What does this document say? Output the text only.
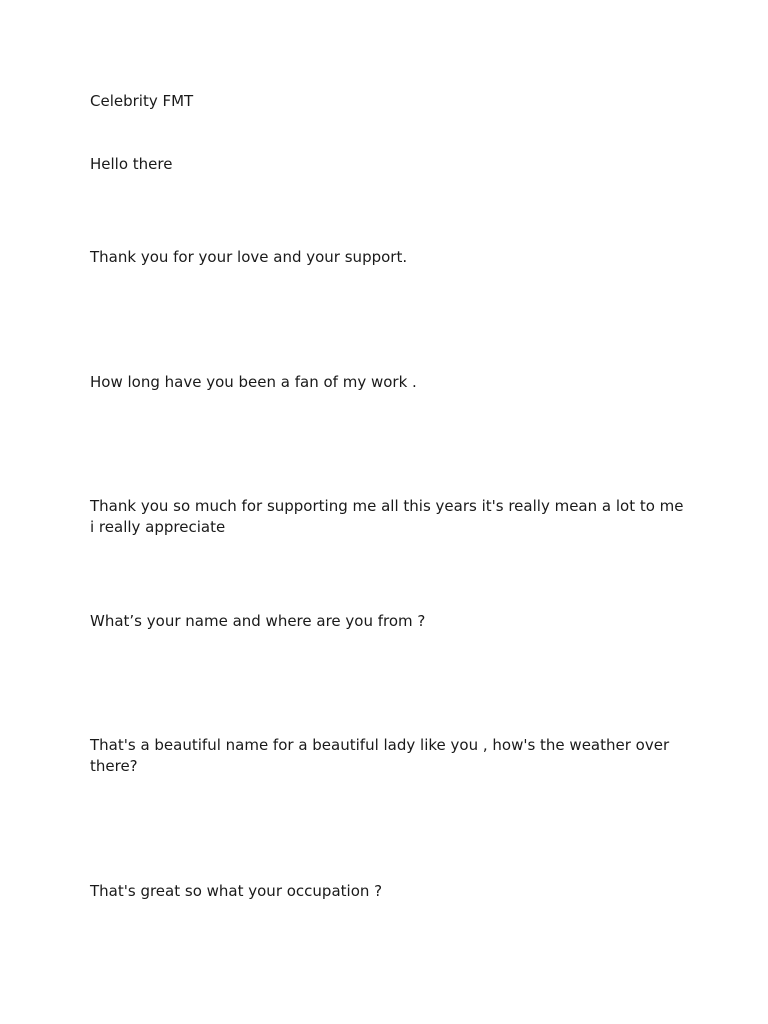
Celebrity FMT

Hello there

Thank you for your love and your support.

How long have you been a fan of my work .

Thank you so much for supporting me all this years it's really mean a lot to me i really appreciate

What’s your name and where are you from ?

That's a beautiful name for a beautiful lady like you , how's the weather over there?

That's great so what your occupation ?
